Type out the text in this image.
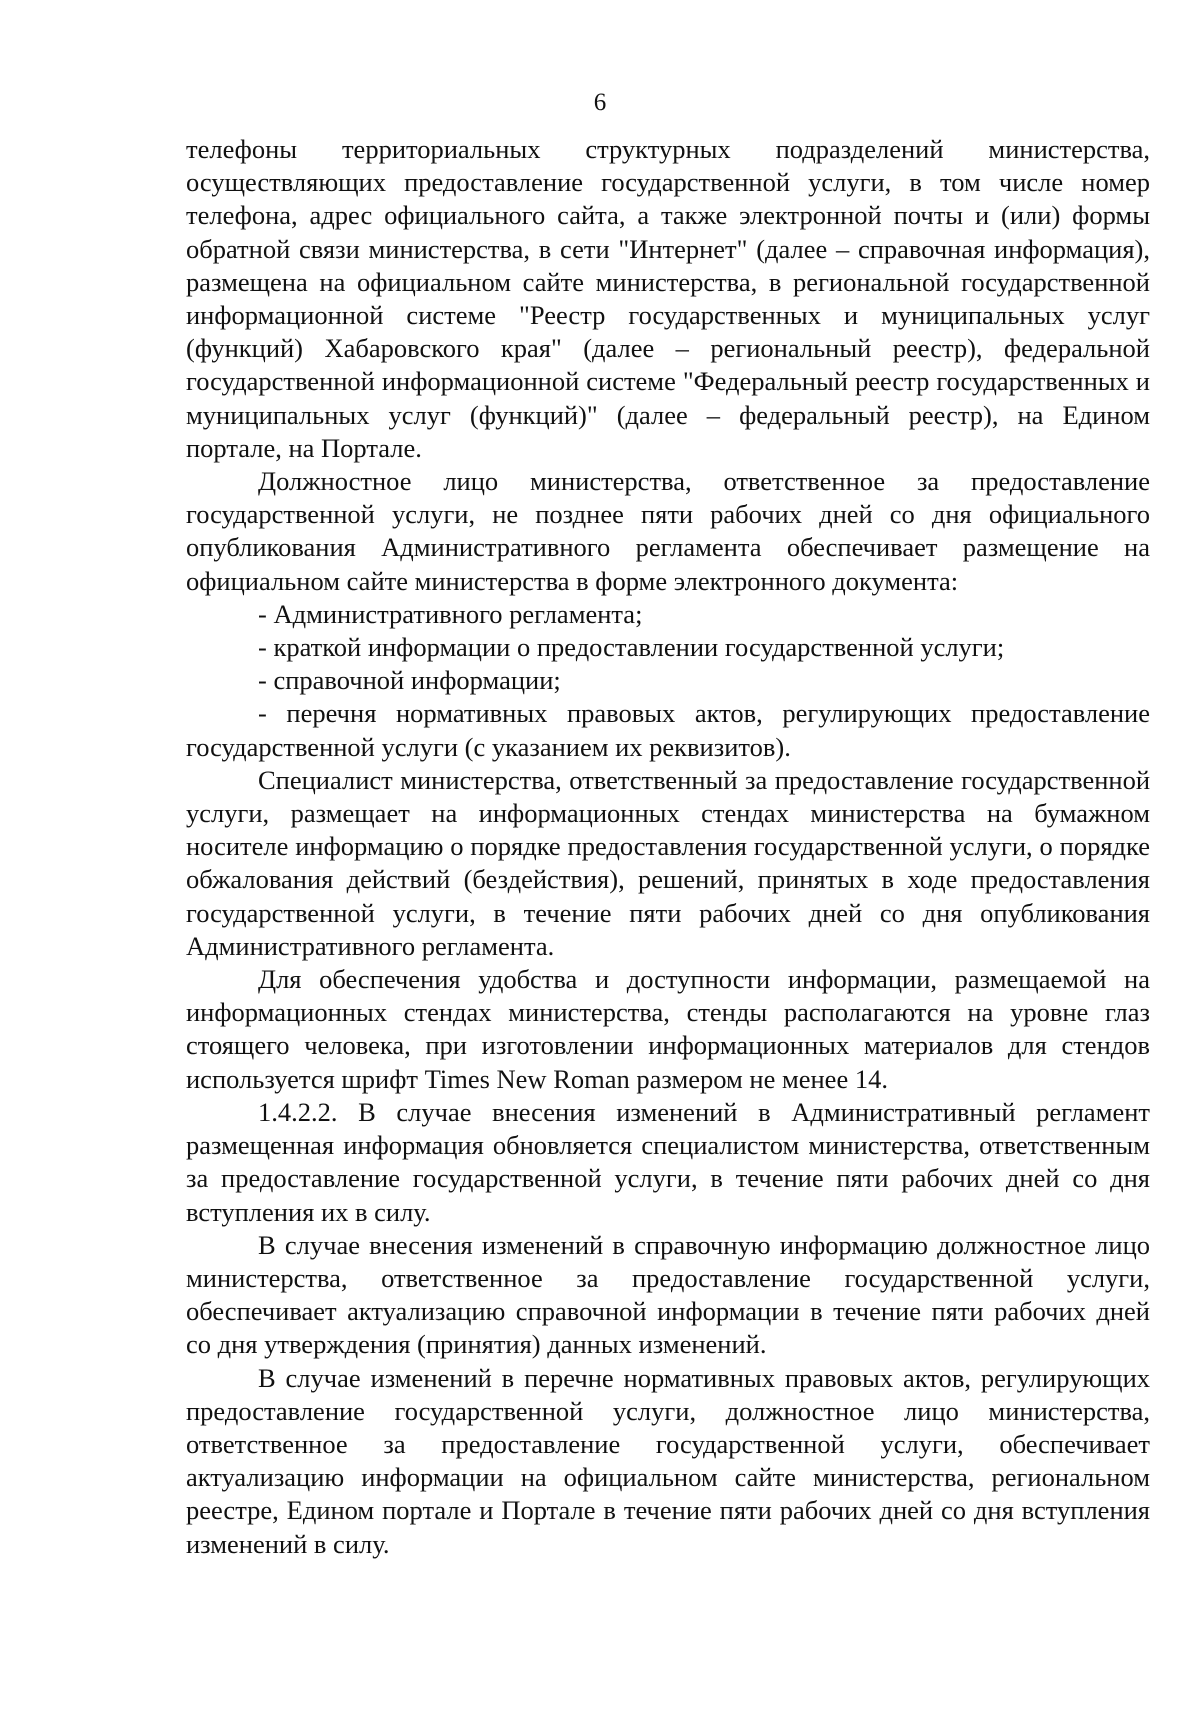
6

телефоны территориальных структурных подразделений министерства, осуществляющих предоставление государственной услуги, в том числе номер телефона, адрес официального сайта, а также электронной почты и (или) формы обратной связи министерства, в сети "Интернет" (далее – справочная информация), размещена на официальном сайте министерства, в региональной государственной информационной системе "Реестр государственных и муниципальных услуг (функций) Хабаровского края" (далее – региональный реестр), федеральной государственной информационной системе "Федеральный реестр государственных и муниципальных услуг (функций)" (далее – федеральный реестр), на Едином портале, на Портале.

Должностное лицо министерства, ответственное за предоставление государственной услуги, не позднее пяти рабочих дней со дня официального опубликования Административного регламента обеспечивает размещение на официальном сайте министерства в форме электронного документа:

- Административного регламента;

- краткой информации о предоставлении государственной услуги;

- справочной информации;

- перечня нормативных правовых актов, регулирующих предоставление государственной услуги (с указанием их реквизитов).

Специалист министерства, ответственный за предоставление государственной услуги, размещает на информационных стендах министерства на бумажном носителе информацию о порядке предоставления государственной услуги, о порядке обжалования действий (бездействия), решений, принятых в ходе предоставления государственной услуги, в течение пяти рабочих дней со дня опубликования Административного регламента.

Для обеспечения удобства и доступности информации, размещаемой на информационных стендах министерства, стенды располагаются на уровне глаз стоящего человека, при изготовлении информационных материалов для стендов используется шрифт Times New Roman размером не менее 14.

1.4.2.2. В случае внесения изменений в Административный регламент размещенная информация обновляется специалистом министерства, ответственным за предоставление государственной услуги, в течение пяти рабочих дней со дня вступления их в силу.

В случае внесения изменений в справочную информацию должностное лицо министерства, ответственное за предоставление государственной услуги, обеспечивает актуализацию справочной информации в течение пяти рабочих дней со дня утверждения (принятия) данных изменений.

В случае изменений в перечне нормативных правовых актов, регулирующих предоставление государственной услуги, должностное лицо министерства, ответственное за предоставление государственной услуги, обеспечивает актуализацию информации на официальном сайте министерства, региональном реестре, Едином портале и Портале в течение пяти рабочих дней со дня вступления изменений в силу.
